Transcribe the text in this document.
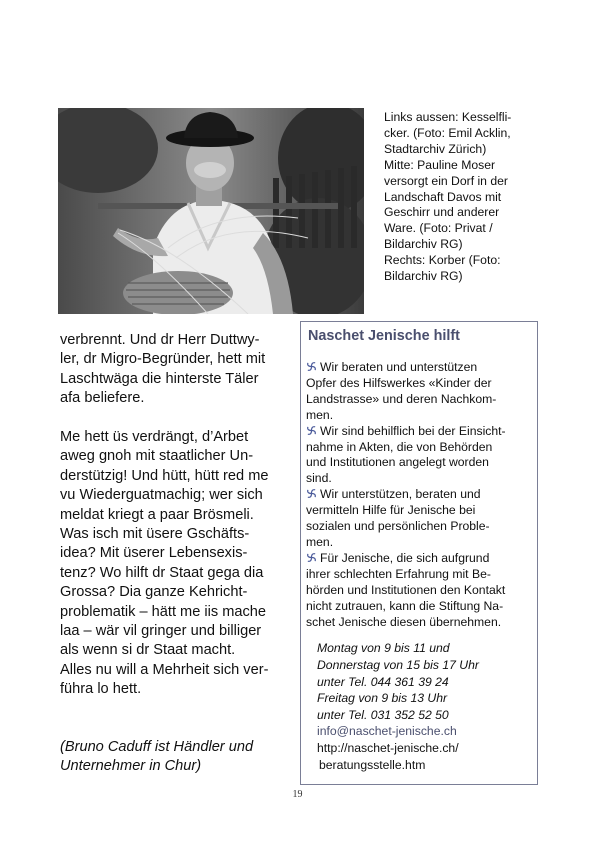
Links aussen: Kesselfli-

cker. (Foto: Emil Acklin,

Stadtarchiv Zürich)

Mitte: Pauline Moser

versorgt ein Dorf in der

Landschaft Davos mit

Geschirr und anderer

Ware. (Foto: Privat /

Bildarchiv RG)

Rechts: Korber (Foto:

Bildarchiv RG)

verbrennt. Und dr Herr Duttwy-
ler, dr Migro-Begründer, hett mit
Laschtwäga die hinterste Täler
afa beliefere.

Me hett üs verdrängt, d’Arbet
aweg gnoh mit staatlicher Un-
derstützig! Und hütt, hütt red me
vu Wiederguatmachig; wer sich
meldat kriegt a paar Brösmeli.
Was isch mit üsere Gschäfts-
idea? Mit üserer Lebensexis-
tenz? Wo hilft dr Staat gega dia
Grossa? Dia ganze Kehricht-
problematik – hätt me iis mache
laa – wär vil gringer und billiger
als wenn si dr Staat macht.
Alles nu will a Mehrheit sich ver-
führa lo hett.

(Bruno Caduff ist Händler und
Unternehmer in Chur)

Naschet Jenische hilft
Wir beraten und unterstützen
Opfer des Hilfswerkes «Kinder der
Landstrasse» und deren Nachkom-
men.
Wir sind behilflich bei der Einsicht-
nahme in Akten, die von Behörden
und Institutionen angelegt worden
sind.
Wir unterstützen, beraten und
vermitteln Hilfe für Jenische bei
sozialen und persönlichen Proble-
men.
Für Jenische, die sich aufgrund
ihrer schlechten Erfahrung mit Be-
hörden und Institutionen den Kontakt
nicht zutrauen, kann die Stiftung Na-
schet Jenische diesen übernehmen.
Montag von 9 bis 11 und
Donnerstag von 15 bis 17 Uhr
unter Tel. 044 361 39 24
Freitag von 9 bis 13 Uhr
unter Tel. 031 352 52 50
info@naschet-jenische.ch
http://naschet-jenische.ch/
beratungsstelle.htm
19
